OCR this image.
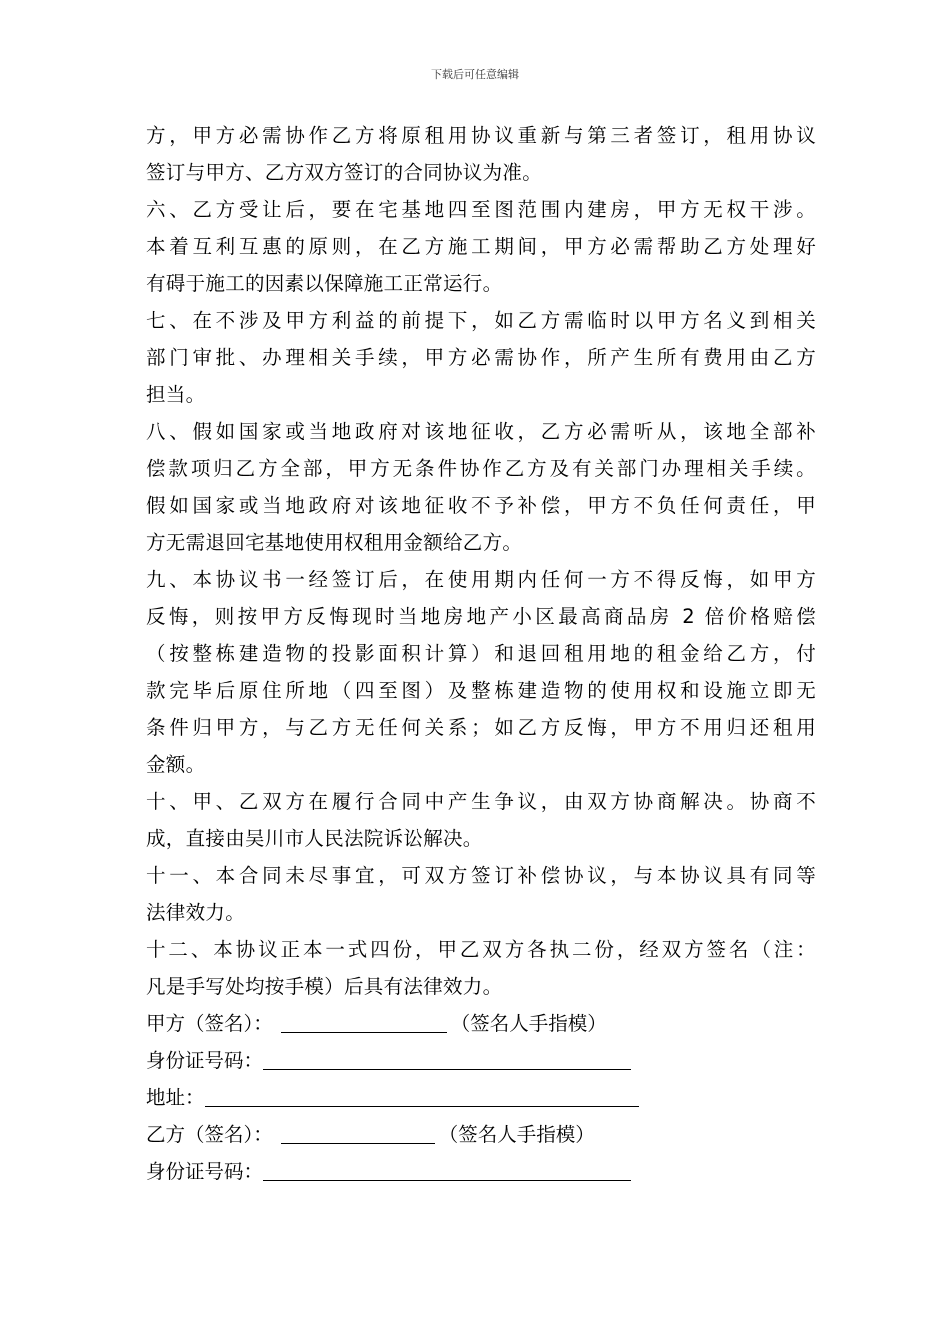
下载后可任意编辑
方，甲方必需协作乙方将原租用协议重新与第三者签订，租用协议
签订与甲方、乙方双方签订的合同协议为准。
六、乙方受让后，要在宅基地四至图范围内建房，甲方无权干涉。
本着互利互惠的原则，在乙方施工期间，甲方必需帮助乙方处理好
有碍于施工的因素以保障施工正常运行。
七、在不涉及甲方利益的前提下，如乙方需临时以甲方名义到相关
部门审批、办理相关手续，甲方必需协作，所产生所有费用由乙方
担当。
八、假如国家或当地政府对该地征收，乙方必需听从，该地全部补
偿款项归乙方全部，甲方无条件协作乙方及有关部门办理相关手续。
假如国家或当地政府对该地征收不予补偿，甲方不负任何责任，甲
方无需退回宅基地使用权租用金额给乙方。
九、本协议书一经签订后，在使用期内任何一方不得反悔，如甲方
反悔，则按甲方反悔现时当地房地产小区最高商品房 2 倍价格赔偿
（按整栋建造物的投影面积计算）和退回租用地的租金给乙方，付
款完毕后原住所地（四至图）及整栋建造物的使用权和设施立即无
条件归甲方，与乙方无任何关系；如乙方反悔，甲方不用归还租用
金额。
十、甲、乙双方在履行合同中产生争议，由双方协商解决。协商不
成，直接由吴川市人民法院诉讼解决。
十一、本合同未尽事宜，可双方签订补偿协议，与本协议具有同等
法律效力。
十二、本协议正本一式四份，甲乙双方各执二份，经双方签名（注：
凡是手写处均按手模）后具有法律效力。
甲方（签名）：	（签名人手指模）
身份证号码：
地址：
乙方（签名）：	（签名人手指模）
身份证号码：
